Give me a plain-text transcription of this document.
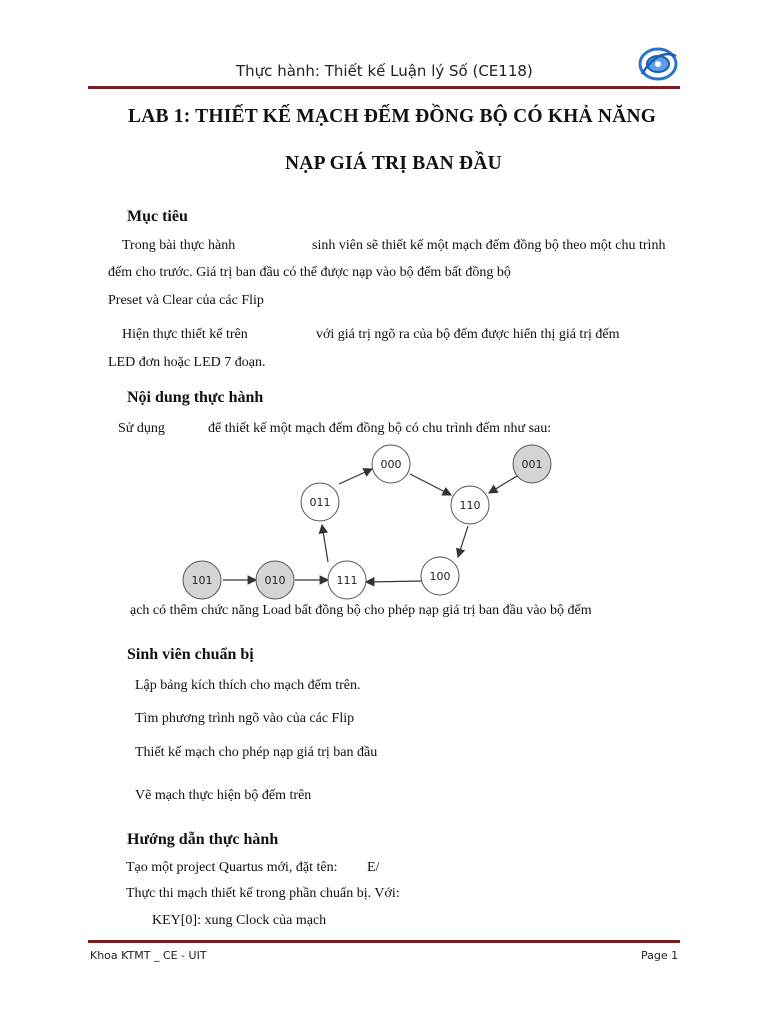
Thực hành: Thiết kế Luận lý Số (CE118)
LAB 1: THIẾT KẾ MẠCH ĐẾM ĐỒNG BỘ CÓ KHẢ NĂNG
NẠP GIÁ TRỊ BAN ĐẦU
Mục tiêu
Trong bài thực hành	sinh viên sẽ thiết kế một mạch đếm đồng bộ theo một chu trình
đếm cho trước. Giá trị ban đầu có thể được nạp vào bộ đếm bất đồng bộ
Preset và Clear của các Flip
Hiện thực thiết kế trên	với giá trị ngõ ra của bộ đếm được hiển thị giá trị đếm
LED đơn hoặc LED 7 đoạn.
Nội dung thực hành
Sử dụng	để thiết kế một mạch đếm đồng bộ có chu trình đếm như sau:
000	001
110
100
111
010
101
011
ạch có thêm chức năng Load bất đồng bộ cho phép nạp giá trị ban đầu vào bộ đếm
Sinh viên chuẩn bị
Lập bảng kích thích cho mạch đếm trên.
Tìm phương trình ngõ vào của các Flip
Thiết kế mạch cho phép nạp giá trị ban đầu
Vẽ mạch thực hiện bộ đếm trên
Hướng dẫn thực hành
Tạo một project Quartus mới, đặt tên: E/
Thực thi mạch thiết kế trong phần chuẩn bị. Với:
KEY[0]: xung Clock của mạch
Khoa KTMT _ CE - UIT	Page 1
